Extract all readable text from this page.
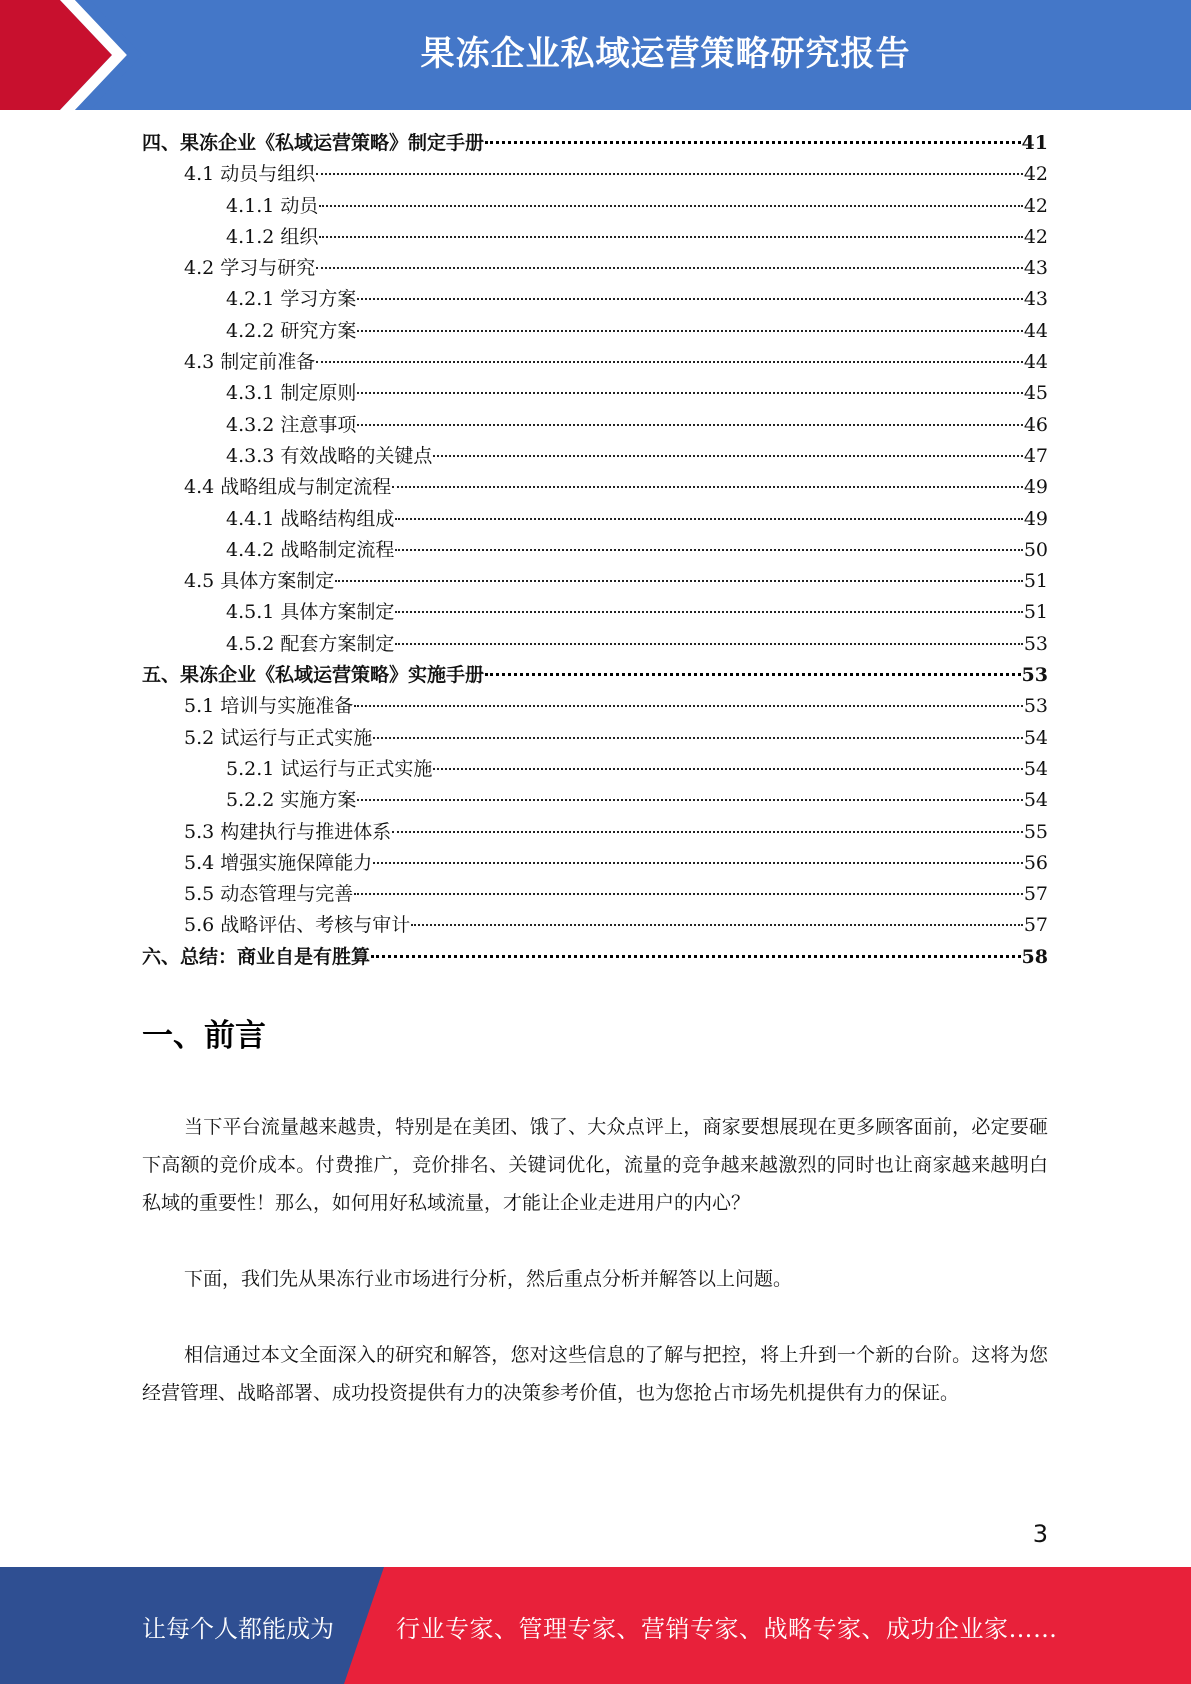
果冻企业私域运营策略研究报告
四、果冻企业《私域运营策略》制定手册	41
4.1 动员与组织	42
4.1.1 动员	42
4.1.2 组织	42
4.2 学习与研究	43
4.2.1 学习方案	43
4.2.2 研究方案	44
4.3 制定前准备	44
4.3.1 制定原则	45
4.3.2 注意事项	46
4.3.3 有效战略的关键点	47
4.4 战略组成与制定流程	49
4.4.1 战略结构组成	49
4.4.2 战略制定流程	50
4.5 具体方案制定	51
4.5.1 具体方案制定	51
4.5.2 配套方案制定	53
五、果冻企业《私域运营策略》实施手册	53
5.1 培训与实施准备	53
5.2 试运行与正式实施	54
5.2.1 试运行与正式实施	54
5.2.2 实施方案	54
5.3 构建执行与推进体系	55
5.4 增强实施保障能力	56
5.5 动态管理与完善	57
5.6 战略评估、考核与审计	57
六、总结：商业自是有胜算	58
一、前言

当下平台流量越来越贵，特别是在美团、饿了、大众点评上，商家要想展现在更多顾客面前，必定要砸下高额的竞价成本。付费推广，竞价排名、关键词优化，流量的竞争越来越激烈的同时也让商家越来越明白私域的重要性！那么，如何用好私域流量，才能让企业走进用户的内心？

下面，我们先从果冻行业市场进行分析，然后重点分析并解答以上问题。

相信通过本文全面深入的研究和解答，您对这些信息的了解与把控，将上升到一个新的台阶。这将为您经营管理、战略部署、成功投资提供有力的决策参考价值，也为您抢占市场先机提供有力的保证。

3
让每个人都能成为	行业专家、管理专家、营销专家、战略专家、成功企业家……
